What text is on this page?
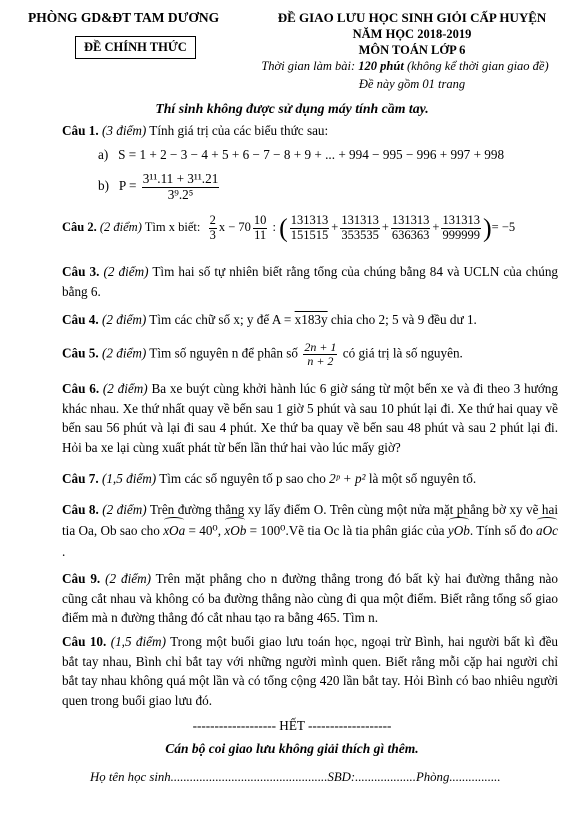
PHÒNG GD&ĐT TAM DƯƠNG
ĐỀ CHÍNH THỨC
ĐỀ GIAO LƯU HỌC SINH GIỎI CẤP HUYỆN
NĂM HỌC 2018-2019
MÔN TOÁN LỚP 6
Thời gian làm bài: 120 phút (không kể thời gian giao đề)
Đề này gồm 01 trang
Thí sinh không được sử dụng máy tính cầm tay.
Câu 1. (3 điểm) Tính giá trị của các biểu thức sau:
a) S = 1 + 2 − 3 − 4 + 5 + 6 − 7 − 8 + 9 + ... + 994 − 995 − 996 + 997 + 998
b) $P = \frac{\text{3¹¹.11 + 3¹¹.21}}{\text{3⁹.2⁵}}$
Câu 2. (2 điểm) Tìm x biết: $\frac{2}{3}$ $x - 70 \frac{10}{11}$ : ( $\frac{131313}{151515} + \frac{131313}{353535} + \frac{131313}{636363} + \frac{131313}{999999}$ )= −5
Câu 3. (2 điểm) Tìm hai số tự nhiên biết rằng tổng của chúng bằng 84 và UCLN của chúng bằng 6.
Câu 4. (2 điểm) Tìm các chữ số x; y để A = x183y chia cho 2; 5 và 9 đều dư 1.
Câu 5. (2 điểm) Tìm số nguyên n để phân số $\frac{2n + 1}{n + 2}$ có giá trị là số nguyên.
Câu 6. (2 điểm) Ba xe buýt cùng khởi hành lúc 6 giờ sáng từ một bến xe và đi theo 3 hướng khác nhau. Xe thứ nhất quay về bến sau 1 giờ 5 phút và sau 10 phút lại đi. Xe thứ hai quay về bến sau 56 phút và lại đi sau 4 phút. Xe thứ ba quay về bến sau 48 phút và sau 2 phút lại đi. Hỏi ba xe lại cùng xuất phát từ bến lần thứ hai vào lúc mấy giờ?
Câu 7. (1,5 điểm) Tìm các số nguyên tố p sao cho 2ᵖ + p² là một số nguyên tố.
Câu 8. (2 điểm) Trên đường thẳng xy lấy điểm O. Trên cùng một nửa mặt phẳng bờ xy vẽ hai tia Oa, Ob sao cho xOa = 40⁰, xOb = 100⁰.Vẽ tia Oc là tia phân giác của yOb. Tính số đo aOc.
Câu 9. (2 điểm) Trên mặt phẳng cho n đường thẳng trong đó bất kỳ hai đường thẳng nào cũng cắt nhau và không có ba đường thẳng nào cùng đi qua một điểm. Biết rằng tổng số giao điểm mà n đường thẳng đó cắt nhau tạo ra bằng 465. Tìm n.
Câu 10. (1,5 điểm) Trong một buổi giao lưu toán học, ngoại trừ Bình, hai người bất kì đều bắt tay nhau, Bình chỉ bắt tay với những người mình quen. Biết rằng mỗi cặp hai người chỉ bắt tay nhau không quá một lần và có tổng cộng 420 lần bắt tay. Hỏi Bình có bao nhiêu người quen trong buổi giao lưu đó.
------------------- HẾT -------------------
Cán bộ coi giao lưu không giải thích gì thêm.
Họ tên học sinh.................................................SBD:...................Phòng................
